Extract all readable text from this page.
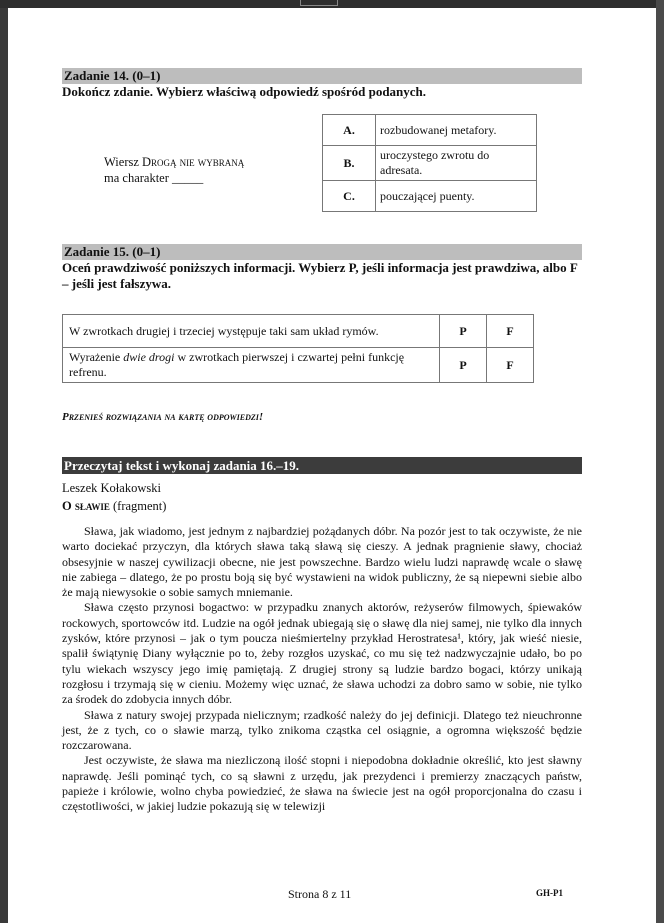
Zadanie 14. (0–1)
Dokończ zdanie. Wybierz właściwą odpowiedź spośród podanych.
Wiersz Drogą nie wybraną
ma charakter _____
A.	rozbudowanej metafory.
B.	uroczystego zwrotu do adresata.
C.	pouczającej puenty.
Zadanie 15. (0–1)
Oceń prawdziwość poniższych informacji. Wybierz P, jeśli informacja jest prawdziwa, albo F – jeśli jest fałszywa.
W zwrotkach drugiej i trzeciej występuje taki sam układ rymów.	P	F
Wyrażenie dwie drogi w zwrotkach pierwszej i czwartej pełni funkcję refrenu.	P	F
Przenieś rozwiązania na kartę odpowiedzi!
Przeczytaj tekst i wykonaj zadania 16.–19.
Leszek Kołakowski
O sławie (fragment)

Sława, jak wiadomo, jest jednym z najbardziej pożądanych dóbr. Na pozór jest to tak oczywiste, że nie warto dociekać przyczyn, dla których sława taką sławą się cieszy. A jednak pragnienie sławy, chociaż obsesyjnie w naszej cywilizacji obecne, nie jest powszechne. Bardzo wielu ludzi naprawdę wcale o sławę nie zabiega – dlatego, że po prostu boją się być wystawieni na widok publiczny, że są niepewni siebie albo że mają niewysokie o sobie samych mniemanie.

Sława często przynosi bogactwo: w przypadku znanych aktorów, reżyserów filmowych, śpiewaków rockowych, sportowców itd. Ludzie na ogół jednak ubiegają się o sławę dla niej samej, nie tylko dla innych zysków, które przynosi – jak o tym poucza nieśmiertelny przykład Herostratesa¹, który, jak wieść niesie, spalił świątynię Diany wyłącznie po to, żeby rozgłos uzyskać, co mu się też nadzwyczajnie udało, bo po tylu wiekach wszyscy jego imię pamiętają. Z drugiej strony są ludzie bardzo bogaci, którzy unikają rozgłosu i trzymają się w cieniu. Możemy więc uznać, że sława uchodzi za dobro samo w sobie, nie tylko za środek do zdobycia innych dóbr.

Sława z natury swojej przypada nielicznym; rzadkość należy do jej definicji. Dlatego też nieuchronne jest, że z tych, co o sławie marzą, tylko znikoma cząstka cel osiągnie, a ogromna większość będzie rozczarowana.

Jest oczywiste, że sława ma niezliczoną ilość stopni i niepodobna dokładnie określić, kto jest sławny naprawdę. Jeśli pominąć tych, co są sławni z urzędu, jak prezydenci i premierzy znaczących państw, papieże i królowie, wolno chyba powiedzieć, że sława na świecie jest na ogół proporcjonalna do czasu i częstotliwości, w jakiej ludzie pokazują się w telewizji

Strona 8 z 11	GH-P1
